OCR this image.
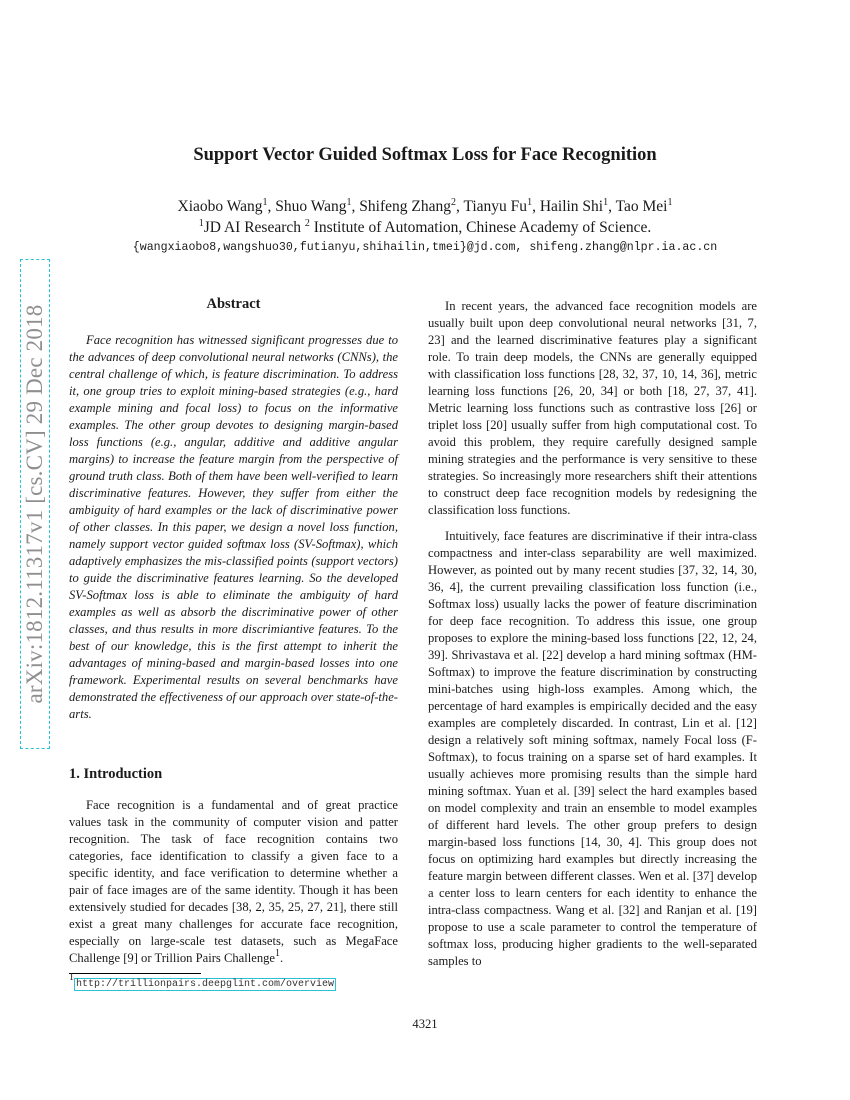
arXiv:1812.11317v1 [cs.CV] 29 Dec 2018
Support Vector Guided Softmax Loss for Face Recognition
Xiaobo Wang$^1$, Shuo Wang$^1$, Shifeng Zhang$^2$, Tianyu Fu$^1$, Hailin Shi$^1$, Tao Mei$^1$
$^1$JD AI Research $^2$ Institute of Automation, Chinese Academy of Science.
{wangxiaobo8,wangshuo30,futianyu,shihailin,tmei}@jd.com, shifeng.zhang@nlpr.ia.ac.cn
Abstract

Face recognition has witnessed significant progresses due to the advances of deep convolutional neural networks (CNNs), the central challenge of which, is feature discrimination. To address it, one group tries to exploit mining-based strategies (e.g., hard example mining and focal loss) to focus on the informative examples. The other group devotes to designing margin-based loss functions (e.g., angular, additive and additive angular margins) to increase the feature margin from the perspective of ground truth class. Both of them have been well-verified to learn discriminative features. However, they suffer from either the ambiguity of hard examples or the lack of discriminative power of other classes. In this paper, we design a novel loss function, namely support vector guided softmax loss (SV-Softmax), which adaptively emphasizes the mis-classified points (support vectors) to guide the discriminative features learning. So the developed SV-Softmax loss is able to eliminate the ambiguity of hard examples as well as absorb the discriminative power of other classes, and thus results in more discrimiantive features. To the best of our knowledge, this is the first attempt to inherit the advantages of mining-based and margin-based losses into one framework. Experimental results on several benchmarks have demonstrated the effectiveness of our approach over state-of-the-arts.

1. Introduction

Face recognition is a fundamental and of great practice values task in the community of computer vision and patter recognition. The task of face recognition contains two categories, face identification to classify a given face to a specific identity, and face verification to determine whether a pair of face images are of the same identity. Though it has been extensively studied for decades [38, 2, 35, 25, 27, 21], there still exist a great many challenges for accurate face recognition, especially on large-scale test datasets, such as MegaFace Challenge [9] or Trillion Pairs Challenge$^1$.

In recent years, the advanced face recognition models are usually built upon deep convolutional neural networks [31, 7, 23] and the learned discriminative features play a significant role. To train deep models, the CNNs are generally equipped with classification loss functions [28, 32, 37, 10, 14, 36], metric learning loss functions [26, 20, 34] or both [18, 27, 37, 41]. Metric learning loss functions such as contrastive loss [26] or triplet loss [20] usually suffer from high computational cost. To avoid this problem, they require carefully designed sample mining strategies and the performance is very sensitive to these strategies. So increasingly more researchers shift their attentions to construct deep face recognition models by redesigning the classification loss functions.

Intuitively, face features are discriminative if their intra-class compactness and inter-class separability are well maximized. However, as pointed out by many recent studies [37, 32, 14, 30, 36, 4], the current prevailing classification loss function (i.e., Softmax loss) usually lacks the power of feature discrimination for deep face recognition. To address this issue, one group proposes to explore the mining-based loss functions [22, 12, 24, 39]. Shrivastava et al. [22] develop a hard mining softmax (HM-Softmax) to improve the feature discrimination by constructing mini-batches using high-loss examples. Among which, the percentage of hard examples is empirically decided and the easy examples are completely discarded. In contrast, Lin et al. [12] design a relatively soft mining softmax, namely Focal loss (F-Softmax), to focus training on a sparse set of hard examples. It usually achieves more promising results than the simple hard mining softmax. Yuan et al. [39] select the hard examples based on model complexity and train an ensemble to model examples of different hard levels. The other group prefers to design margin-based loss functions [14, 30, 4]. This group does not focus on optimizing hard examples but directly increasing the feature margin between different classes. Wen et al. [37] develop a center loss to learn centers for each identity to enhance the intra-class compactness. Wang et al. [32] and Ranjan et al. [19] propose to use a scale parameter to control the temperature of softmax loss, producing higher gradients to the well-separated samples to

1http://trillionpairs.deepglint.com/overview
4321
